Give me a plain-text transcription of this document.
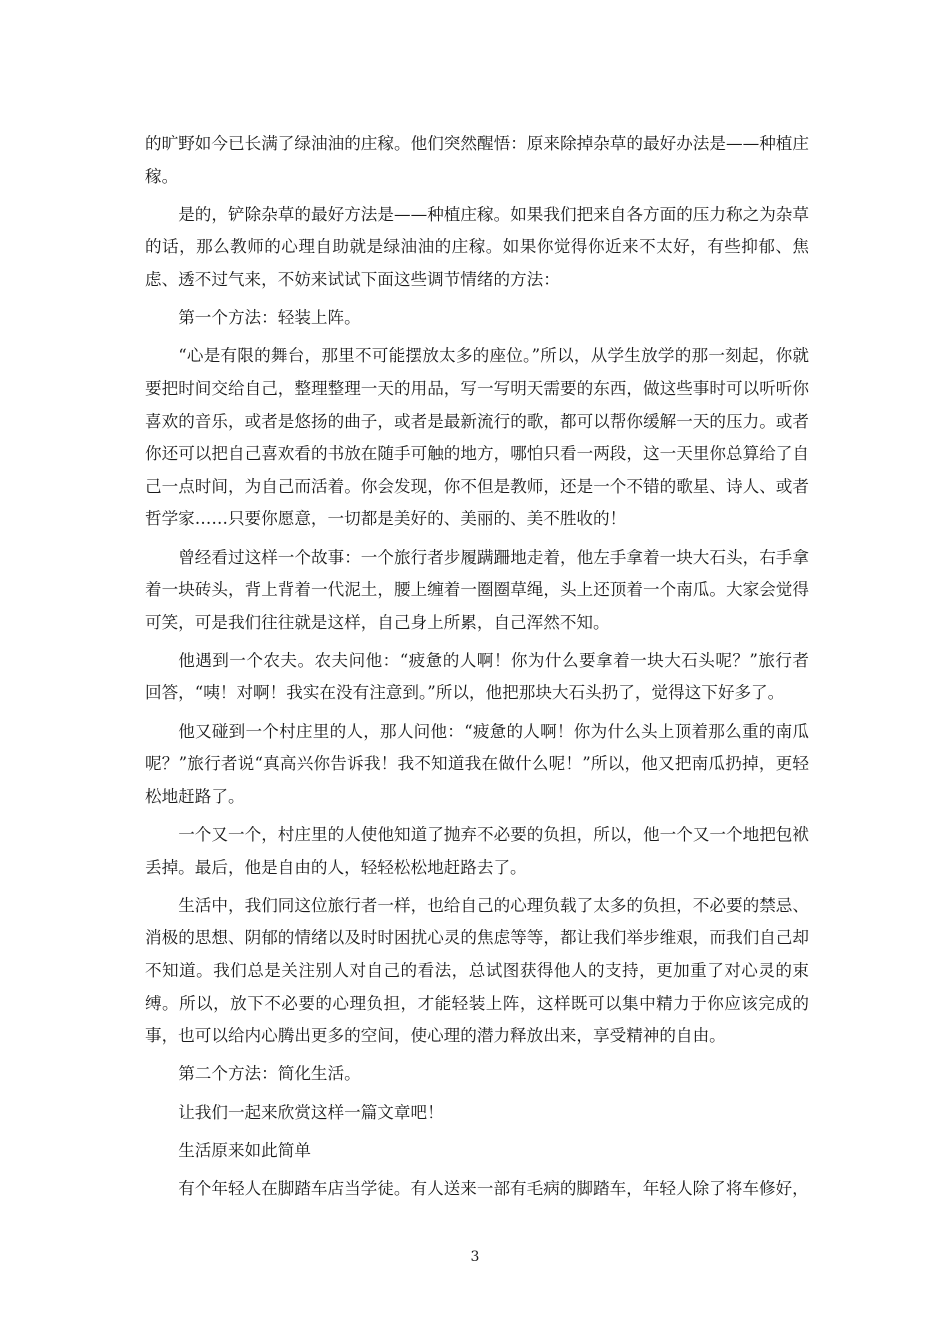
的旷野如今已长满了绿油油的庄稼。他们突然醒悟：原来除掉杂草的最好办法是——种植庄稼。

是的，铲除杂草的最好方法是——种植庄稼。如果我们把来自各方面的压力称之为杂草的话，那么教师的心理自助就是绿油油的庄稼。如果你觉得你近来不太好，有些抑郁、焦虑、透不过气来，不妨来试试下面这些调节情绪的方法：

第一个方法：轻装上阵。

“心是有限的舞台，那里不可能摆放太多的座位。”所以，从学生放学的那一刻起，你就要把时间交给自己，整理整理一天的用品，写一写明天需要的东西，做这些事时可以听听你喜欢的音乐，或者是悠扬的曲子，或者是最新流行的歌，都可以帮你缓解一天的压力。或者你还可以把自己喜欢看的书放在随手可触的地方，哪怕只看一两段，这一天里你总算给了自己一点时间，为自己而活着。你会发现，你不但是教师，还是一个不错的歌星、诗人、或者哲学家……只要你愿意，一切都是美好的、美丽的、美不胜收的！

曾经看过这样一个故事：一个旅行者步履蹒跚地走着，他左手拿着一块大石头，右手拿着一块砖头，背上背着一代泥土，腰上缠着一圈圈草绳，头上还顶着一个南瓜。大家会觉得可笑，可是我们往往就是这样，自己身上所累，自己浑然不知。

他遇到一个农夫。农夫问他：“疲惫的人啊！你为什么要拿着一块大石头呢？”旅行者回答，“咦！对啊！我实在没有注意到。”所以，他把那块大石头扔了，觉得这下好多了。

他又碰到一个村庄里的人，那人问他：“疲惫的人啊！你为什么头上顶着那么重的南瓜呢？”旅行者说“真高兴你告诉我！我不知道我在做什么呢！”所以，他又把南瓜扔掉，更轻松地赶路了。

一个又一个，村庄里的人使他知道了抛弃不必要的负担，所以，他一个又一个地把包袱丢掉。最后，他是自由的人，轻轻松松地赶路去了。

生活中，我们同这位旅行者一样，也给自己的心理负载了太多的负担，不必要的禁忌、消极的思想、阴郁的情绪以及时时困扰心灵的焦虑等等，都让我们举步维艰，而我们自己却不知道。我们总是关注别人对自己的看法，总试图获得他人的支持，更加重了对心灵的束缚。所以，放下不必要的心理负担，才能轻装上阵，这样既可以集中精力于你应该完成的事，也可以给内心腾出更多的空间，使心理的潜力释放出来，享受精神的自由。

第二个方法：简化生活。

让我们一起来欣赏这样一篇文章吧！

生活原来如此简单

有个年轻人在脚踏车店当学徒。有人送来一部有毛病的脚踏车，年轻人除了将车修好，

3
